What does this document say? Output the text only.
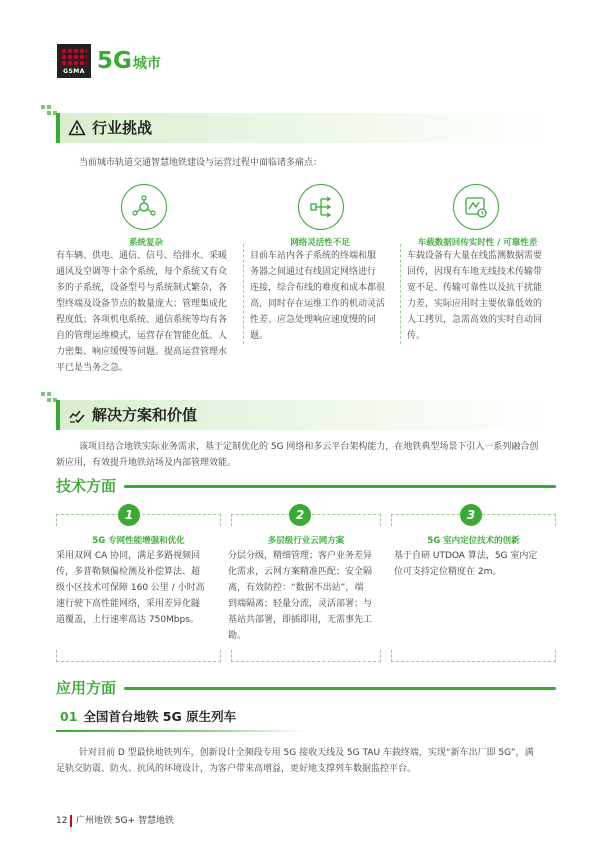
GSMA 5G城市
行业挑战
当前城市轨道交通智慧地铁建设与运营过程中面临诸多痛点：
系统复杂
有车辆、供电、通信、信号、给排水、采暖
通风及空调等十余个系统，每个系统又有众
多的子系统，设备型号与系统制式繁杂，各
型终端及设备节点的数量庞大；管理集成化
程度低；各项机电系统、通信系统等均有各
自的管理运维模式，运营存在智能化低、人
力密集、响应缓慢等问题。提高运营管理水
平已是当务之急。
网络灵活性不足
目前车站内各子系统的终端和服
务器之间通过有线固定网络进行
连接，综合布线的难度和成本都很
高，同时存在运维工作的机动灵活
性差、应急处理响应速度慢的问
题。
车载数据回传实时性 / 可靠性差
车载设备有大量在线监测数据需要
回传，因现有车地无线技术传输带
宽不足、传输可靠性以及抗干扰能
力差，实际应用时主要依靠低效的
人工拷贝，急需高效的实时自动回
传。
解决方案和价值
该项目结合地铁实际业务需求，基于定制优化的 5G 网络和多云平台架构能力，在地铁典型场景下引入一系列融合创
新应用，有效提升地铁站场及内部管理效能。
技术方面
1	2	3
5G 专网性能增强和优化
采用双网 CA 协同，满足多路视频回
传，多普勒频偏检测及补偿算法、超
级小区技术可保障 160 公里 / 小时高
速行驶下高性能网络，采用差异化隧
道覆盖，上行速率高达 750Mbps。
多层级行业云网方案
分层分级，精细管理；客户业务差异
化需求，云网方案精准匹配；安全隔
离，有效防控：“数据不出站”，端
到端隔离；轻量分流，灵活部署；与
基站共部署，即插即用，无需事先工
勘。
5G 室内定位技术的创新
基于自研 UTDOA 算法，5G 室内定
位可支持定位精度在 2m。
应用方面
01 全国首台地铁 5G 原生列车
针对目前 D 型最快地铁列车，创新设计全频段专用 5G 接收天线及 5G TAU 车载终端，实现“新车出厂即 5G”，满
足轨交防震、防火、抗风的环境设计，为客户带来高增益，更好地支撑列车数据监控平台。
12 广州地铁 5G+ 智慧地铁
